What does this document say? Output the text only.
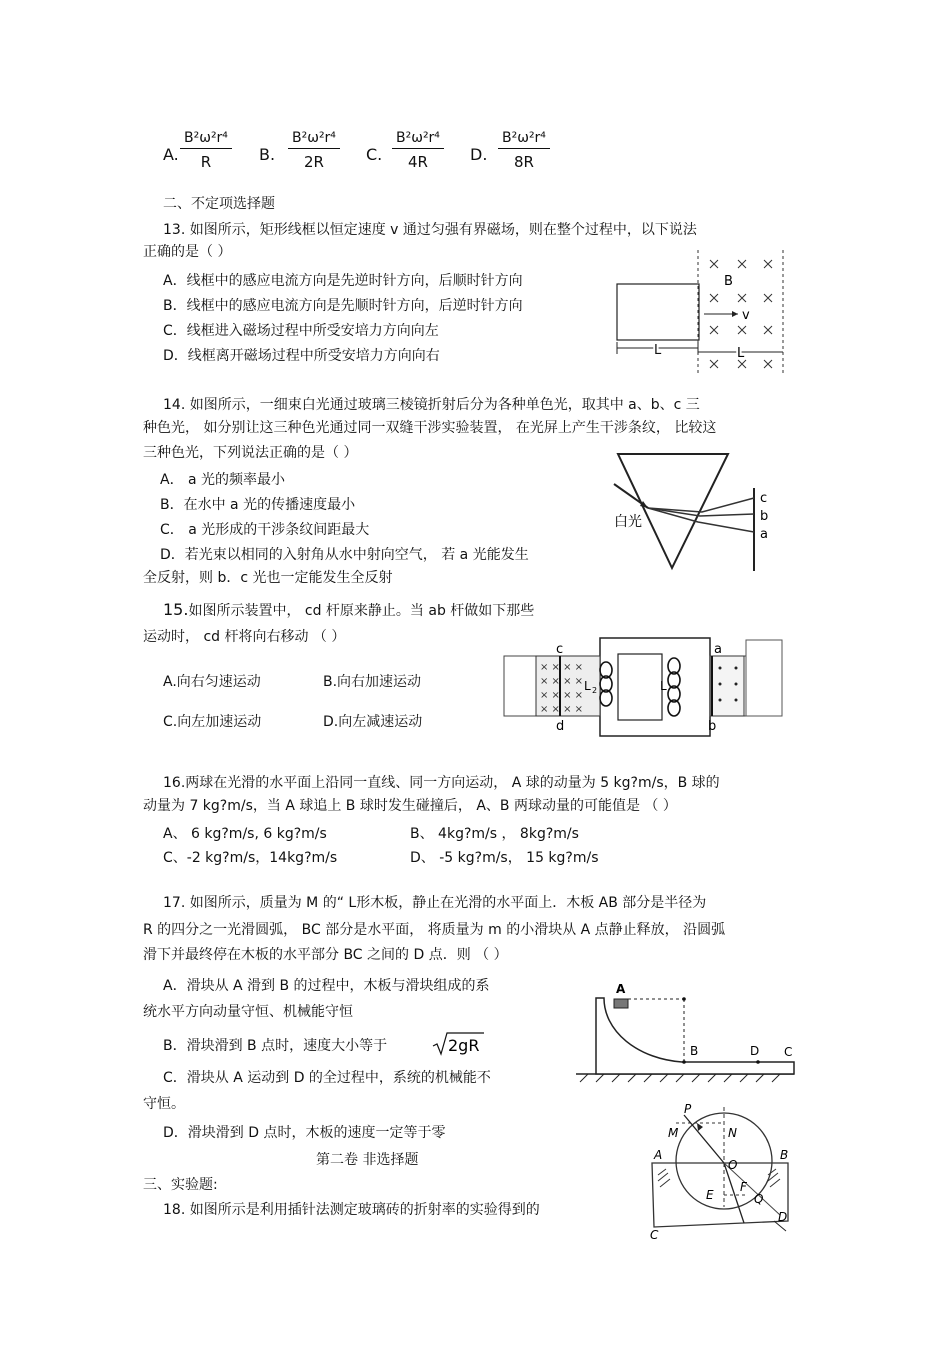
A. $\frac{\text{B²ω²r⁴}}{R} B$. $\frac{\text{B²ω²r⁴}}{2R} C$. $\frac{\text{B²ω²r⁴}}{4R} D$. $\frac{\text{B²ω²r⁴}}{8R}$
二、不定项选择题
13. 如图所示，矩形线框以恒定速度 v 通过匀强有界磁场，则在整个过程中，以下说法
正确的是（ ）
A．线框中的感应电流方向是先逆时针方向，后顺时针方向
B．线框中的感应电流方向是先顺时针方向，后逆时针方向
C．线框进入磁场过程中所受安培力方向向左
D．线框离开磁场过程中所受安培力方向向右
B
v
L	L
14. 如图所示，一细束白光通过玻璃三棱镜折射后分为各种单色光，取其中 a、b、c 三
种色光， 如分别让这三种色光通过同一双缝干涉实验装置， 在光屏上产生干涉条纹， 比较这
三种色光，下列说法正确的是（ ）
A． a 光的频率最小
B．在水中 a 光的传播速度最小
C． a 光形成的干涉条纹间距最大
D．若光束以相同的入射角从水中射向空气， 若 a 光能发生
全反射，则 b．c 光也一定能发生全反射
白光
c
b
a
15.如图所示装置中， cd 杆原来静止。当 ab 杆做如下那些
运动时， cd 杆将向右移动 （ ）
A.向右匀速运动	B.向右加速运动
C.向左加速运动	D.向左减速运动
× × × ×
× × × ×
× × × ×
× × × ×
c
d
a
b
L 2	L
16.两球在光滑的水平面上沿同一直线、同一方向运动， A 球的动量为 5 kg?m/s，B 球的
动量为 7 kg?m/s，当 A 球追上 B 球时发生碰撞后， A、B 两球动量的可能值是 （ ）
A、 6 kg?m/s, 6 kg?m/s	B、 4kg?m/s ， 8kg?m/s
C、-2 kg?m/s，14kg?m/s	D、 -5 kg?m/s， 15 kg?m/s
17. 如图所示，质量为 M 的“ L形木板，静止在光滑的水平面上．木板 AB 部分是半径为
R 的四分之一光滑圆弧， BC 部分是水平面， 将质量为 m 的小滑块从 A 点静止释放， 沿圆弧
滑下并最终停在木板的水平部分 BC 之间的 D 点．则 （ ）
A．滑块从 A 滑到 B 的过程中，木板与滑块组成的系
统水平方向动量守恒、机械能守恒
B．滑块滑到 B 点时，速度大小等于	2gR
C．滑块从 A 运动到 D 的全过程中，系统的机械能不
守恒。
D．滑块滑到 D 点时，木板的速度一定等于零
A
B	C
D
第二卷 非选择题
三、实验题:
18. 如图所示是利用插针法测定玻璃砖的折射率的实验得到的
P
M	N
O
E
F
Q
A	B
C
D
